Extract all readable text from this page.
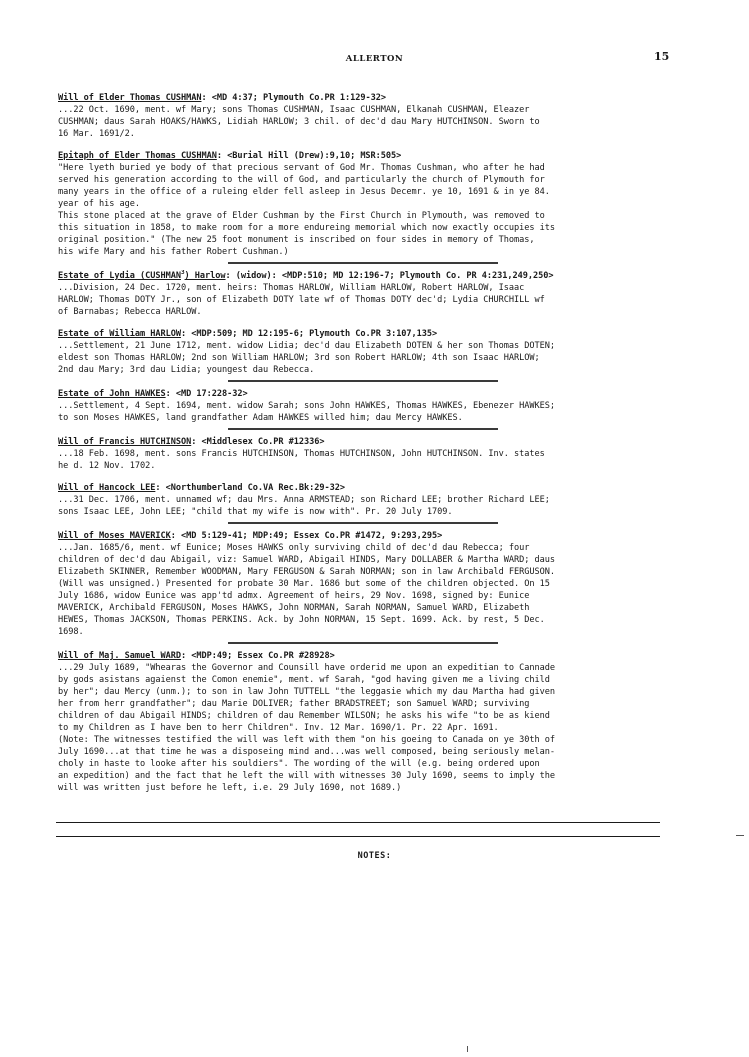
ALLERTON	15
Will of Elder Thomas CUSHMAN: <MD 4:37; Plymouth Co.PR 1:129-32>
...22 Oct. 1690, ment. wf Mary; sons Thomas CUSHMAN, Isaac CUSHMAN, Elkanah CUSHMAN, Eleazer
CUSHMAN; daus Sarah HOAKS/HAWKS, Lidiah HARLOW; 3 chil. of dec'd dau Mary HUTCHINSON. Sworn to
16 Mar. 1691/2.
Epitaph of Elder Thomas CUSHMAN: <Burial Hill (Drew):9,10; MSR:505>
"Here lyeth buried ye body of that precious servant of God Mr. Thomas Cushman, who after he had
served his generation according to the will of God, and particularly the church of Plymouth for
many years in the office of a ruleing elder fell asleep in Jesus Decemr. ye 10, 1691 & in ye 84.
year of his age.
This stone placed at the grave of Elder Cushman by the First Church in Plymouth, was removed to
this situation in 1858, to make room for a more endureing memorial which now exactly occupies its
original position." (The new 25 foot monument is inscribed on four sides in memory of Thomas,
his wife Mary and his father Robert Cushman.)
Estate of Lydia (CUSHMAN$^3$) Harlow: (widow): <MDP:510; MD 12:196-7; Plymouth Co. PR 4:231,249,250>
...Division, 24 Dec. 1720, ment. heirs: Thomas HARLOW, William HARLOW, Robert HARLOW, Isaac
HARLOW; Thomas DOTY Jr., son of Elizabeth DOTY late wf of Thomas DOTY dec'd; Lydia CHURCHILL wf
of Barnabas; Rebecca HARLOW.
Estate of William HARLOW: <MDP:509; MD 12:195-6; Plymouth Co.PR 3:107,135>
...Settlement, 21 June 1712, ment. widow Lidia; dec'd dau Elizabeth DOTEN & her son Thomas DOTEN;
eldest son Thomas HARLOW; 2nd son William HARLOW; 3rd son Robert HARLOW; 4th son Isaac HARLOW;
2nd dau Mary; 3rd dau Lidia; youngest dau Rebecca.
Estate of John HAWKES: <MD 17:228-32>
...Settlement, 4 Sept. 1694, ment. widow Sarah; sons John HAWKES, Thomas HAWKES, Ebenezer HAWKES;
to son Moses HAWKES, land grandfather Adam HAWKES willed him; dau Mercy HAWKES.
Will of Francis HUTCHINSON: <Middlesex Co.PR #12336>
...18 Feb. 1698, ment. sons Francis HUTCHINSON, Thomas HUTCHINSON, John HUTCHINSON. Inv. states
he d. 12 Nov. 1702.
Will of Hancock LEE: <Northumberland Co.VA Rec.Bk:29-32>
...31 Dec. 1706, ment. unnamed wf; dau Mrs. Anna ARMSTEAD; son Richard LEE; brother Richard LEE;
sons Isaac LEE, John LEE; "child that my wife is now with". Pr. 20 July 1709.
Will of Moses MAVERICK: <MD 5:129-41; MDP:49; Essex Co.PR #1472, 9:293,295>
...Jan. 1685/6, ment. wf Eunice; Moses HAWKS only surviving child of dec'd dau Rebecca; four
children of dec'd dau Abigail, viz: Samuel WARD, Abigail HINDS, Mary DOLLABER & Martha WARD; daus
Elizabeth SKINNER, Remember WOODMAN, Mary FERGUSON & Sarah NORMAN; son in law Archibald FERGUSON.
(Will was unsigned.) Presented for probate 30 Mar. 1686 but some of the children objected. On 15
July 1686, widow Eunice was app'td admx. Agreement of heirs, 29 Nov. 1698, signed by: Eunice
MAVERICK, Archibald FERGUSON, Moses HAWKS, John NORMAN, Sarah NORMAN, Samuel WARD, Elizabeth
HEWES, Thomas JACKSON, Thomas PERKINS. Ack. by John NORMAN, 15 Sept. 1699. Ack. by rest, 5 Dec.
1698.
Will of Maj. Samuel WARD: <MDP:49; Essex Co.PR #28928>
...29 July 1689, "Whearas the Governor and Counsill have orderid me upon an expeditian to Cannade
by gods asistans agaienst the Comon enemie", ment. wf Sarah, "god having given me a living child
by her"; dau Mercy (unm.); to son in law John TUTTELL "the leggasie which my dau Martha had given
her from herr grandfather"; dau Marie DOLIVER; father BRADSTREET; son Samuel WARD; surviving
children of dau Abigail HINDS; children of dau Remember WILSON; he asks his wife "to be as kiend
to my Children as I have ben to herr Children". Inv. 12 Mar. 1690/1. Pr. 22 Apr. 1691.
(Note: The witnesses testified the will was left with them "on his goeing to Canada on ye 30th of
July 1690...at that time he was a disposeing mind and...was well composed, being seriously melan-
choly in haste to looke after his souldiers". The wording of the will (e.g. being ordered upon
an expedition) and the fact that he left the will with witnesses 30 July 1690, seems to imply the
will was written just before he left, i.e. 29 July 1690, not 1689.)
NOTES:
